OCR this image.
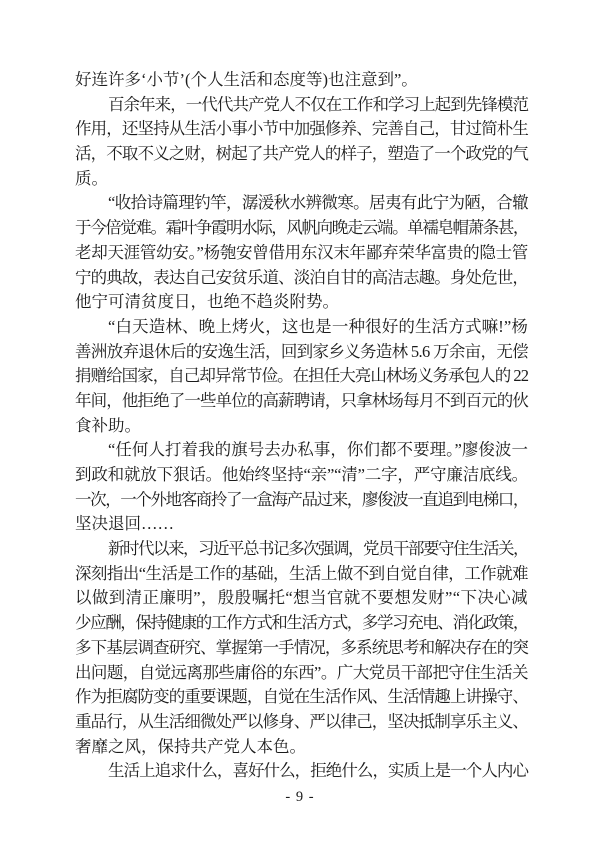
好连许多‘小节’(个人生活和态度等)也注意到”。
百余年来，一代代共产党人不仅在工作和学习上起到先锋模范
作用，还坚持从生活小事小节中加强修养、完善自己，甘过简朴生
活，不取不义之财，树起了共产党人的样子，塑造了一个政党的气
质。
“收拾诗篇理钓竿，潺湲秋水辨微寒。居夷有此宁为陋，合辙
于今倍觉难。霜叶争霞明水际，风帆向晚走云端。单襦皂帽萧条甚，
老却天涯管幼安。”杨匏安曾借用东汉末年鄙弃荣华富贵的隐士管
宁的典故，表达自己安贫乐道、淡泊自甘的高洁志趣。身处危世，
他宁可清贫度日，也绝不趋炎附势。
“白天造林、晚上烤火，这也是一种很好的生活方式嘛!”杨
善洲放弃退休后的安逸生活，回到家乡义务造林 5.6 万余亩，无偿
捐赠给国家，自己却异常节俭。在担任大亮山林场义务承包人的 22
年间，他拒绝了一些单位的高薪聘请，只拿林场每月不到百元的伙
食补助。
“任何人打着我的旗号去办私事，你们都不要理。”廖俊波一
到政和就放下狠话。他始终坚持“亲”“清”二字，严守廉洁底线。
一次，一个外地客商拎了一盒海产品过来，廖俊波一直追到电梯口，
坚决退回……
新时代以来，习近平总书记多次强调，党员干部要守住生活关，
深刻指出“生活是工作的基础，生活上做不到自觉自律，工作就难
以做到清正廉明”，殷殷嘱托“想当官就不要想发财”“下决心减
少应酬，保持健康的工作方式和生活方式，多学习充电、消化政策，
多下基层调查研究、掌握第一手情况，多系统思考和解决存在的突
出问题，自觉远离那些庸俗的东西”。广大党员干部把守住生活关
作为拒腐防变的重要课题，自觉在生活作风、生活情趣上讲操守、
重品行，从生活细微处严以修身、严以律己，坚决抵制享乐主义、
奢靡之风，保持共产党人本色。
生活上追求什么，喜好什么，拒绝什么，实质上是一个人内心
- 9 -
